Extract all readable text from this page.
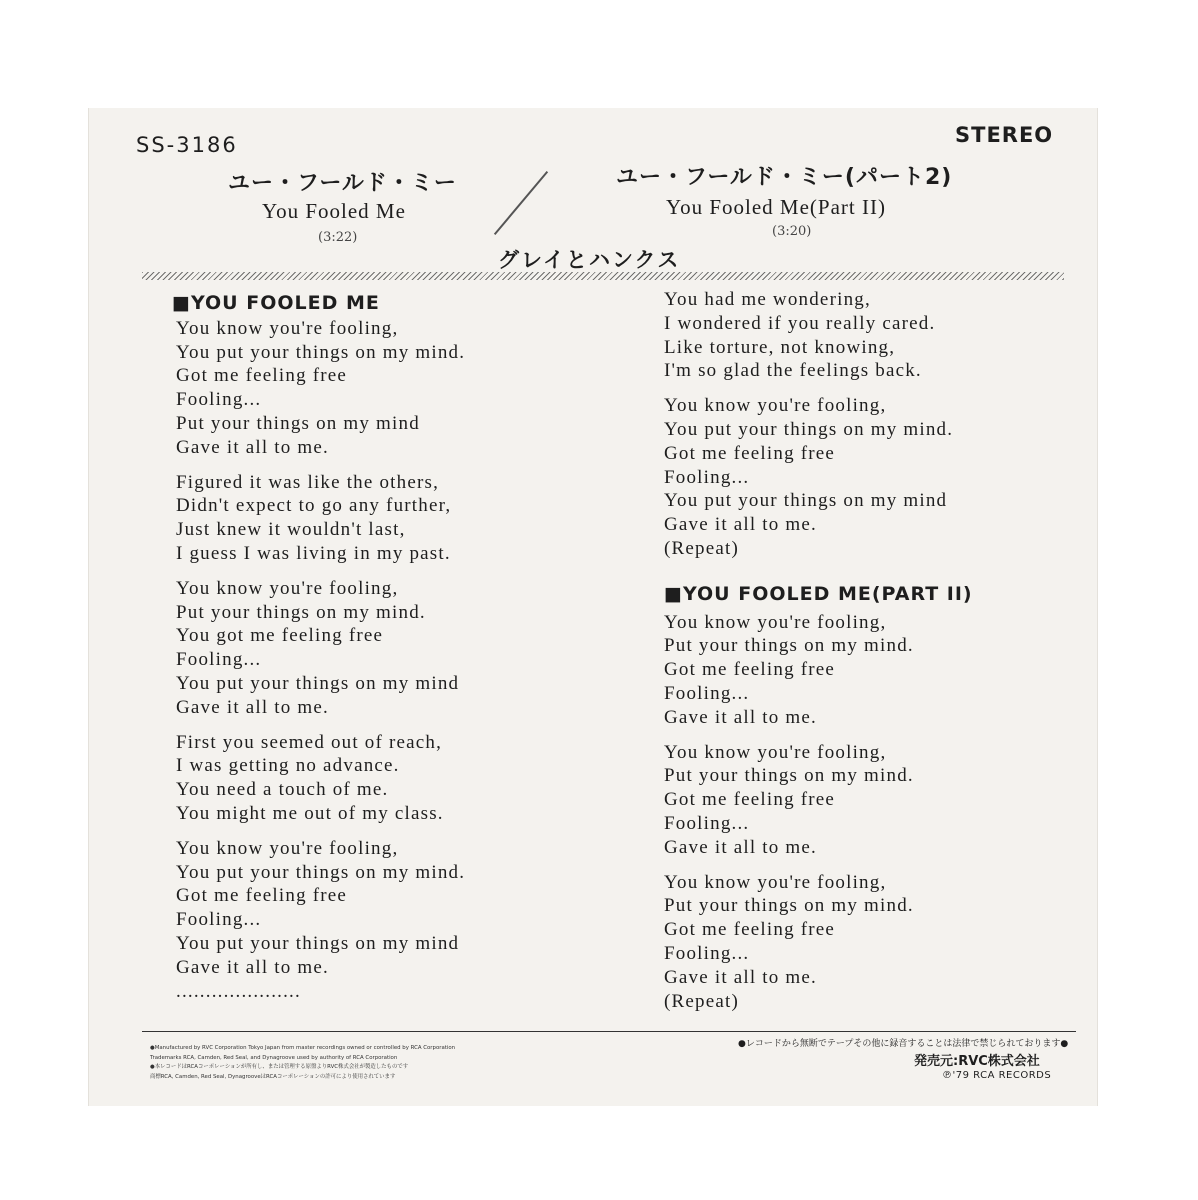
SS-3186	STEREO
ユー・フールド・ミー
You Fooled Me
(3:22)
ユー・フールド・ミー(パート2)
You Fooled Me(Part II)
(3:20)
グレイとハンクス
■YOU FOOLED ME
You know you're fooling,
You put your things on my mind.
Got me feeling free
Fooling...
Put your things on my mind
Gave it all to me.
Figured it was like the others,
Didn't expect to go any further,
Just knew it wouldn't last,
I guess I was living in my past.
You know you're fooling,
Put your things on my mind.
You got me feeling free
Fooling...
You put your things on my mind
Gave it all to me.
First you seemed out of reach,
I was getting no advance.
You need a touch of me.
You might me out of my class.
You know you're fooling,
You put your things on my mind.
Got me feeling free
Fooling...
You put your things on my mind
Gave it all to me.
.....................
You had me wondering,
I wondered if you really cared.
Like torture, not knowing,
I'm so glad the feelings back.
You know you're fooling,
You put your things on my mind.
Got me feeling free
Fooling...
You put your things on my mind
Gave it all to me.
(Repeat)
■YOU FOOLED ME(PART II)
You know you're fooling,
Put your things on my mind.
Got me feeling free
Fooling...
Gave it all to me.
You know you're fooling,
Put your things on my mind.
Got me feeling free
Fooling...
Gave it all to me.
You know you're fooling,
Put your things on my mind.
Got me feeling free
Fooling...
Gave it all to me.
(Repeat)
●Manufactured by RVC Corporation Tokyo Japan from master recordings owned or controlled by RCA Corporation
Trademarks RCA, Camden, Red Seal, and Dynagroove used by authority of RCA Corporation
●本レコードはRCAコーポレーションが所有し、または管理する原盤よりRVC株式会社が製造したものです
商標RCA, Camden, Red Seal, DynagrooveはRCAコーポレーションの許可により使用されています
●レコードから無断でテープその他に録音することは法律で禁じられております●
発売元:RVC株式会社
℗'79 RCA RECORDS
